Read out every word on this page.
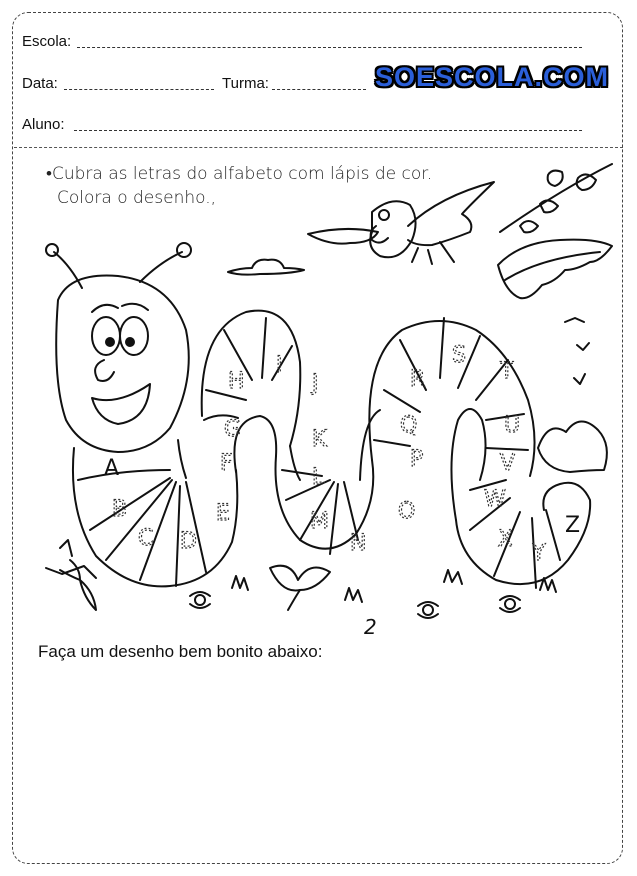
Escola:
Data:	Turma:	SOESCOLA.COM
Aluno:
•Cubra as letras do alfabeto com lápis de cor.
Colora o desenho.,
A
B
C D
E
F
G
H
I
J
K
L
M
N
O
P
Q
R
S
T
U
V
W
X
Y
Z
2
Faça um desenho bem bonito abaixo:
